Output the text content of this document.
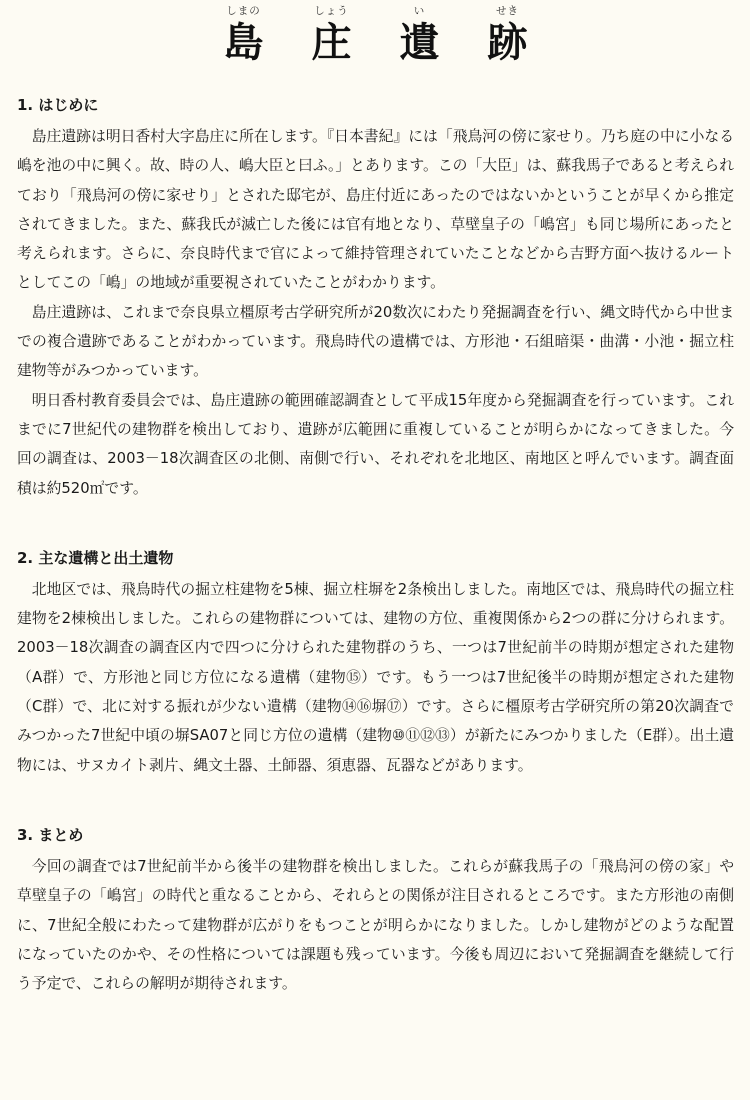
しまの
島
しょう
庄
い
遺
せき
跡
1. はじめに

島庄遺跡は明日香村大字島庄に所在します。『日本書紀』には「飛鳥河の傍に家せり。乃ち庭の中に小なる嶋を池の中に興く。故、時の人、嶋大臣と曰ふ。」とあります。この「大臣」は、蘇我馬子であると考えられており「飛鳥河の傍に家せり」とされた邸宅が、島庄付近にあったのではないかということが早くから推定されてきました。また、蘇我氏が滅亡した後には官有地となり、草壁皇子の「嶋宮」も同じ場所にあったと考えられます。さらに、奈良時代まで官によって維持管理されていたことなどから吉野方面へ抜けるルートとしてこの「嶋」の地域が重要視されていたことがわかります。

島庄遺跡は、これまで奈良県立橿原考古学研究所が20数次にわたり発掘調査を行い、縄文時代から中世までの複合遺跡であることがわかっています。飛鳥時代の遺構では、方形池・石組暗渠・曲溝・小池・掘立柱建物等がみつかっています。

明日香村教育委員会では、島庄遺跡の範囲確認調査として平成15年度から発掘調査を行っています。これまでに7世紀代の建物群を検出しており、遺跡が広範囲に重複していることが明らかになってきました。今回の調査は、2003－18次調査区の北側、南側で行い、それぞれを北地区、南地区と呼んでいます。調査面積は約520㎡です。

2. 主な遺構と出土遺物

北地区では、飛鳥時代の掘立柱建物を5棟、掘立柱塀を2条検出しました。南地区では、飛鳥時代の掘立柱建物を2棟検出しました。これらの建物群については、建物の方位、重複関係から2つの群に分けられます。2003－18次調査の調査区内で四つに分けられた建物群のうち、一つは7世紀前半の時期が想定された建物（A群）で、方形池と同じ方位になる遺構（建物⑮）です。もう一つは7世紀後半の時期が想定された建物（C群）で、北に対する振れが少ない遺構（建物⑭⑯塀⑰）です。さらに橿原考古学研究所の第20次調査でみつかった7世紀中頃の塀SA07と同じ方位の遺構（建物⑩⑪⑫⑬）が新たにみつかりました（E群）。出土遺物には、サヌカイト剥片、縄文土器、土師器、須恵器、瓦器などがあります。

3. まとめ

今回の調査では7世紀前半から後半の建物群を検出しました。これらが蘇我馬子の「飛鳥河の傍の家」や草壁皇子の「嶋宮」の時代と重なることから、それらとの関係が注目されるところです。また方形池の南側に、7世紀全般にわたって建物群が広がりをもつことが明らかになりました。しかし建物がどのような配置になっていたのかや、その性格については課題も残っています。今後も周辺において発掘調査を継続して行う予定で、これらの解明が期待されます。
